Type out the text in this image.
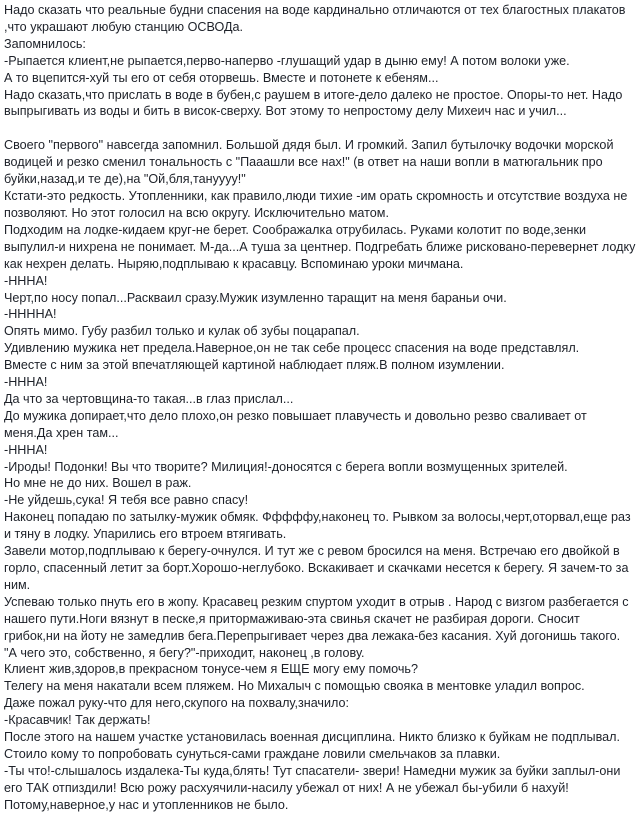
Надо сказать что реальные будни спасения на воде кардинально отличаются от тех благостных плакатов ,что украшают любую станцию ОСВОДа.

Запомнилось:

-Рыпается клиент,не рыпается,перво-наперво -глушащий удар в дыню ему! А потом волоки уже.

А то вцепится-хуй ты его от себя оторвешь. Вместе и потонете к ебеням...

Надо сказать,что прислать в воде в бубен,с раушем в итоге-дело далеко не простое. Опоры-то нет. Надо выпрыгивать из воды и бить в висок-сверху. Вот этому то непростому делу Михеич нас и учил...

Своего "первого" навсегда запомнил. Большой дядя был. И громкий. Запил бутылочку водочки морской водицей и резко сменил тональность с "Пааашли все нах!" (в ответ на наши вопли в матюгальник про буйки,назад,и те де),на "Ой,бля,тануууу!"

Кстати-это редкость. Утопленники, как правило,люди тихие -им орать скромность и отсутствие воздуха не позволяют. Но этот голосил на всю округу. Исключительно матом.

Подходим на лодке-кидаем круг-не берет. Соображалка отрубилась. Руками колотит по воде,зенки выпулил-и нихрена не понимает. М-да...А туша за центнер. Подгребать ближе рисковано-перевернет лодку как нехрен делать. Ныряю,подплываю к красавцу. Вспоминаю уроки мичмана.

-НННА!

Черт,по носу попал...Раскваил сразу.Мужик изумленно таращит на меня бараньи очи.

-ННННА!

Опять мимо. Губу разбил только и кулак об зубы поцарапал.

Удивлению мужика нет предела.Наверное,он не так себе процесс спасения на воде представлял.

Вместе с ним за этой впечатляющей картиной наблюдает пляж.В полном изумлении.

-НННА!

Да что за чертовщина-то такая...в глаз прислал...

До мужика допирает,что дело плохо,он резко повышает плавучесть и довольно резво сваливает от меня.Да хрен там...

-НННА!

-Ироды! Подонки! Вы что творите? Милиция!-доносятся с берега вопли возмущенных зрителей.

Но мне не до них. Вошел в раж.

-Не уйдешь,сука! Я тебя все равно спасу!

Наконец попадаю по затылку-мужик обмяк. Фффффу,наконец то. Рывком за волосы,черт,оторвал,еще раз и тяну в лодку. Упарились его втроем втягивать.

Завели мотор,подплываю к берегу-очнулся. И тут же с ревом бросился на меня. Встречаю его двойкой в горло, спасенный летит за борт.Хорошо-неглубоко. Вскакивает и скачками несется к берегу. Я зачем-то за ним.

Успеваю только пнуть его в жопу. Красавец резким спуртом уходит в отрыв . Народ с визгом разбегается с нашего пути.Ноги вязнут в песке,я притормаживаю-эта свинья скачет не разбирая дороги. Сносит грибок,ни на йоту не замедлив бега.Перепрыгивает через два лежака-без касания. Хуй догонишь такого. "А чего это, собственно, я бегу?"-приходит, наконец ,в голову.

Клиент жив,здоров,в прекрасном тонусе-чем я ЕЩЕ могу ему помочь?

Телегу на меня накатали всем пляжем. Но Михалыч с помощью свояка в ментовке уладил вопрос.

Даже пожал руку-что для него,скупого на похвалу,значило:

-Красавчик! Так держать!

После этого на нашем участке установилась военная дисциплина. Никто близко к буйкам не подплывал. Стоило кому то попробовать сунуться-сами граждане ловили смельчаков за плавки.

-Ты что!-слышалось издалека-Ты куда,блять! Тут спасатели- звери! Намедни мужик за буйки заплыл-они его ТАК отпиздили! Всю рожу расхуячили-насилу убежал от них! А не убежал бы-убили б нахуй!

Потому,наверное,у нас и утопленников не было.
